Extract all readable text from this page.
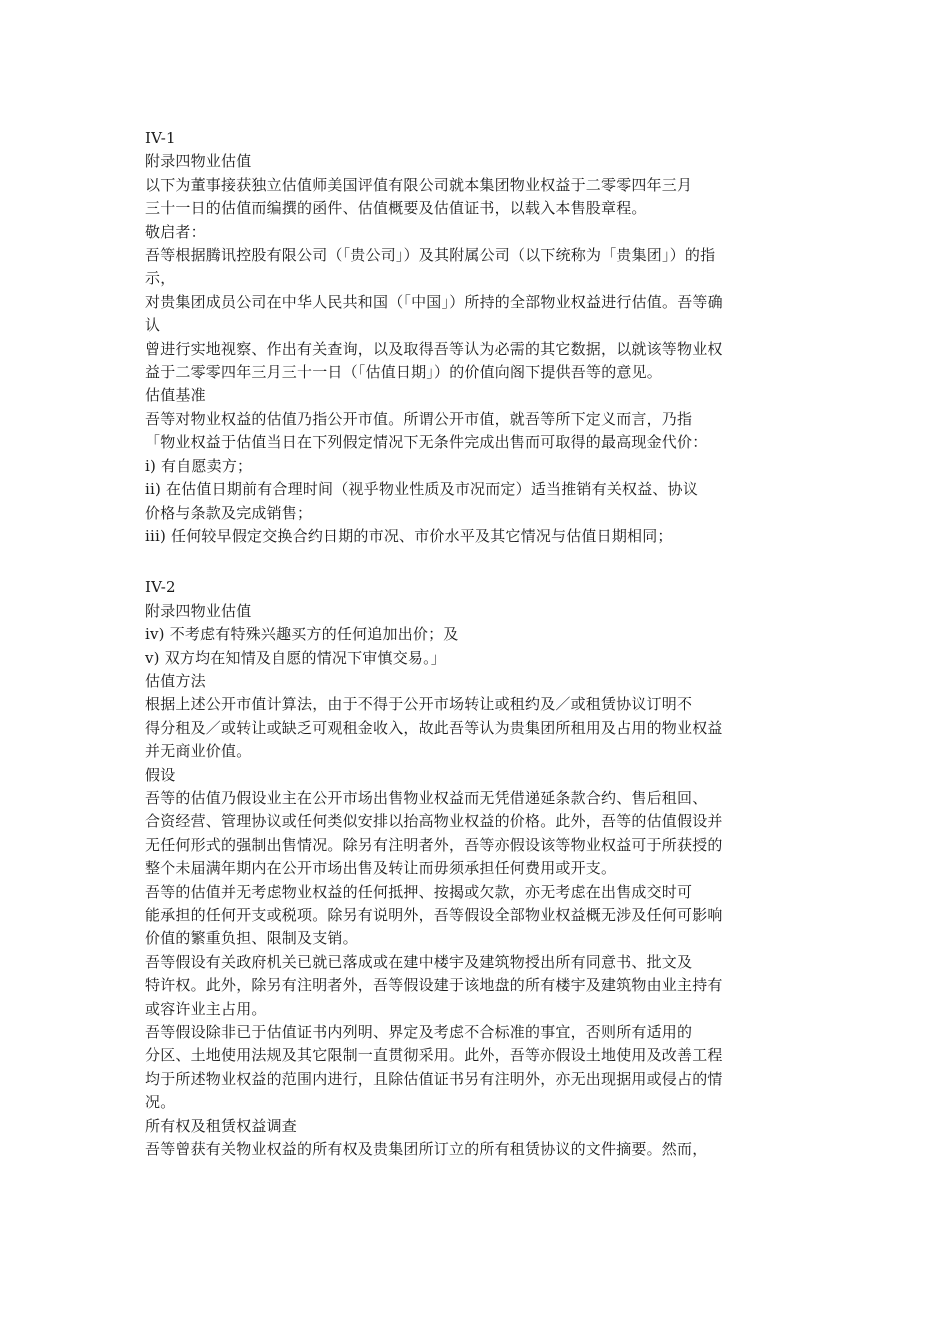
IV-1
附录四物业估值
以下为董事接获独立估值师美国评值有限公司就本集团物业权益于二零零四年三月
三十一日的估值而编撰的函件、估值概要及估值证书，以载入本售股章程。
敬启者：
吾等根据腾讯控股有限公司（「贵公司」）及其附属公司（以下统称为「贵集团」）的指
示，
对贵集团成员公司在中华人民共和国（「中国」）所持的全部物业权益进行估值。吾等确
认
曾进行实地视察、作出有关查询，以及取得吾等认为必需的其它数据，以就该等物业权
益于二零零四年三月三十一日（「估值日期」）的价值向阁下提供吾等的意见。
估值基准
吾等对物业权益的估值乃指公开市值。所谓公开市值，就吾等所下定义而言，乃指
「物业权益于估值当日在下列假定情况下无条件完成出售而可取得的最高现金代价：
i) 有自愿卖方；
ii) 在估值日期前有合理时间（视乎物业性质及市况而定）适当推销有关权益、协议
价格与条款及完成销售；
iii) 任何较早假定交换合约日期的市况、市价水平及其它情况与估值日期相同；
IV-2
附录四物业估值
iv) 不考虑有特殊兴趣买方的任何追加出价；及
v) 双方均在知情及自愿的情况下审慎交易。」
估值方法
根据上述公开市值计算法，由于不得于公开市场转让或租约及／或租赁协议订明不
得分租及／或转让或缺乏可观租金收入，故此吾等认为贵集团所租用及占用的物业权益
并无商业价值。
假设
吾等的估值乃假设业主在公开市场出售物业权益而无凭借递延条款合约、售后租回、
合资经营、管理协议或任何类似安排以抬高物业权益的价格。此外，吾等的估值假设并
无任何形式的强制出售情况。除另有注明者外，吾等亦假设该等物业权益可于所获授的
整个未届满年期内在公开市场出售及转让而毋须承担任何费用或开支。
吾等的估值并无考虑物业权益的任何抵押、按揭或欠款，亦无考虑在出售成交时可
能承担的任何开支或税项。除另有说明外，吾等假设全部物业权益概无涉及任何可影响
价值的繁重负担、限制及支销。
吾等假设有关政府机关已就已落成或在建中楼宇及建筑物授出所有同意书、批文及
特许权。此外，除另有注明者外，吾等假设建于该地盘的所有楼宇及建筑物由业主持有
或容许业主占用。
吾等假设除非已于估值证书内列明、界定及考虑不合标准的事宜，否则所有适用的
分区、土地使用法规及其它限制一直贯彻采用。此外，吾等亦假设土地使用及改善工程
均于所述物业权益的范围内进行，且除估值证书另有注明外，亦无出现据用或侵占的情
况。
所有权及租赁权益调查
吾等曾获有关物业权益的所有权及贵集团所订立的所有租赁协议的文件摘要。然而，
